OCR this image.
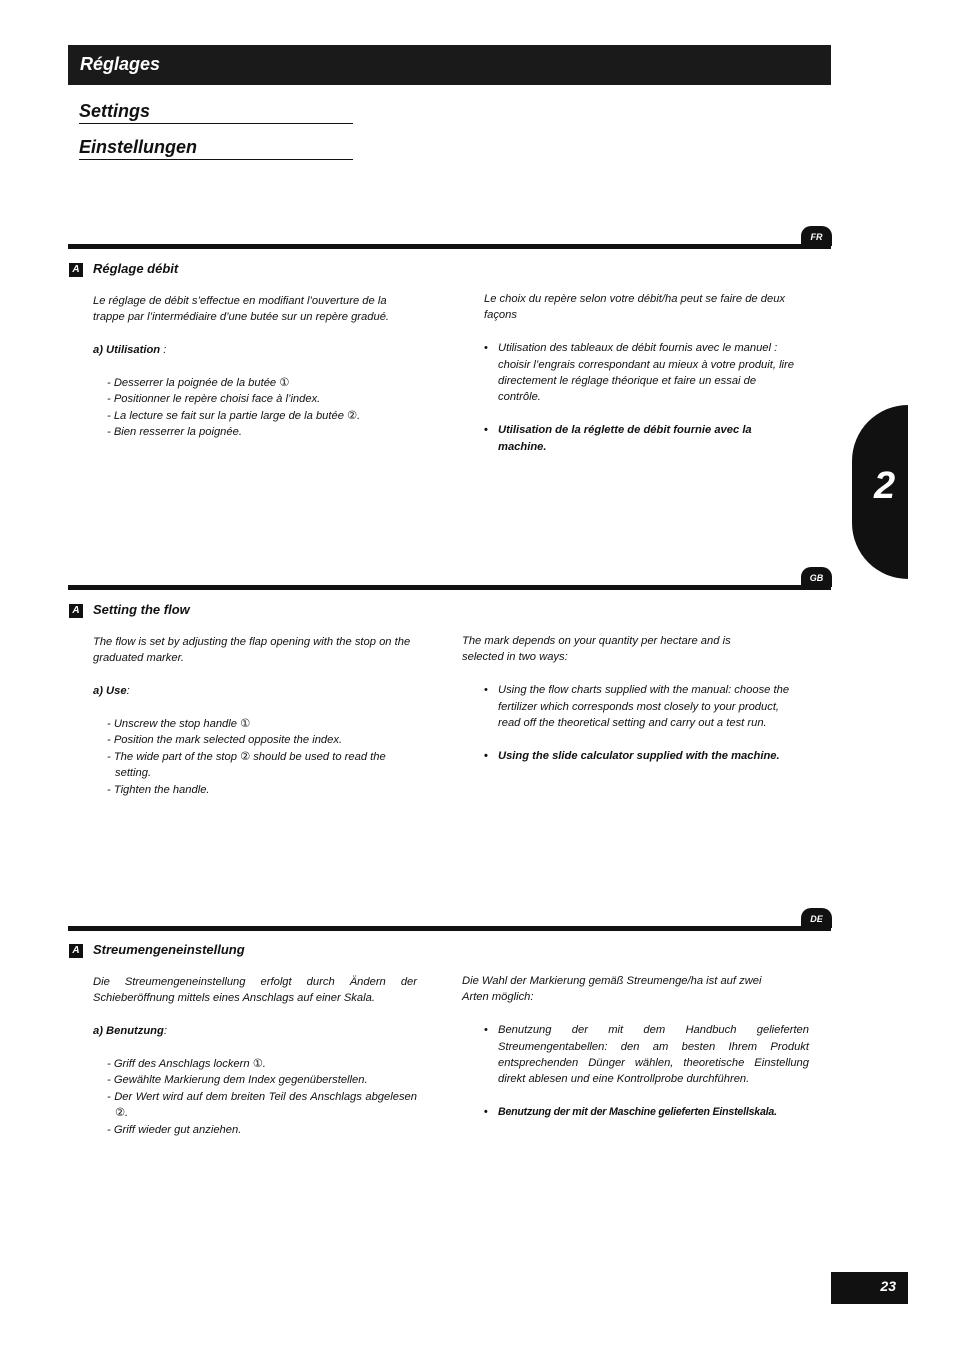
Réglages
Settings
Einstellungen
2
FR
A Réglage débit

Le réglage de débit s’effectue en modifiant l’ouverture de la trappe par l’intermédiaire d’une butée sur un repère gradué.

a) Utilisation :

- Desserrer la poignée de la butée ①
- Positionner le repère choisi face à l’index.
- La lecture se fait sur la partie large de la butée ②.
- Bien resserrer la poignée.

Le choix du repère selon votre débit/ha peut se faire de deux façons

• Utilisation des tableaux de débit fournis avec le manuel : choisir l’engrais correspondant au mieux à votre produit, lire directement le réglage théorique et faire un essai de contrôle.
• Utilisation de la réglette de débit fournie avec la machine.
GB
A Setting the flow

The flow is set by adjusting the flap opening with the stop on the graduated marker.

a) Use:

- Unscrew the stop handle ①
- Position the mark selected opposite the index.
- The wide part of the stop ② should be used to read the setting.
- Tighten the handle.

The mark depends on your quantity per hectare and is selected in two ways:

• Using the flow charts supplied with the manual: choose the fertilizer which corresponds most closely to your product, read off the theoretical setting and carry out a test run.
• Using the slide calculator supplied with the machine.
DE
A Streumengeneinstellung

Die Streumengeneinstellung erfolgt durch Ändern der Schieberöffnung mittels eines Anschlags auf einer Skala.

a) Benutzung:

- Griff des Anschlags lockern ①.
- Gewählte Markierung dem Index gegenüberstellen.
- Der Wert wird auf dem breiten Teil des Anschlags abgelesen ②.
- Griff wieder gut anziehen.

Die Wahl der Markierung gemäß Streumenge/ha ist auf zwei Arten möglich:

• Benutzung der mit dem Handbuch gelieferten Streumengentabellen: den am besten Ihrem Produkt entsprechenden Dünger wählen, theoretische Einstellung direkt ablesen und eine Kontrollprobe durchführen.
• Benutzung der mit der Maschine gelieferten Einstellskala.
23
